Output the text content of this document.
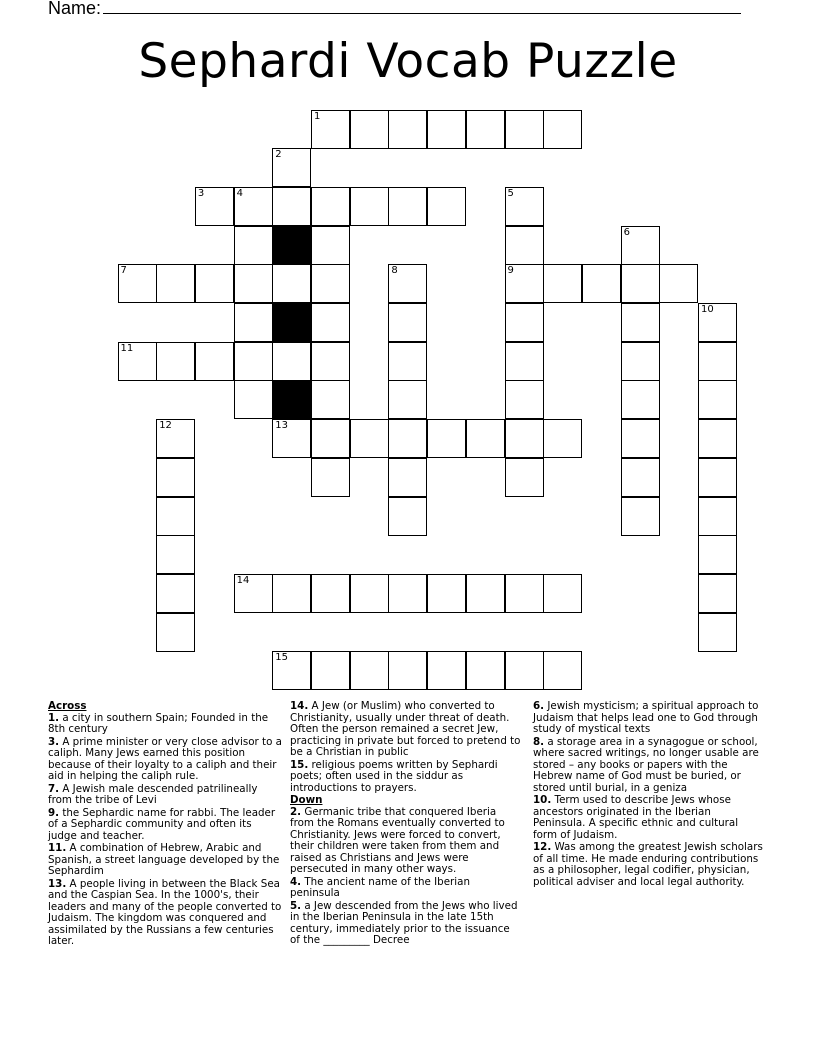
Name:
Sephardi Vocab Puzzle
1
2
3	4	5
6
7	8	9
10
11
12	13
14
15
Across
1. a city in southern Spain; Founded in the 8th century
3. A prime minister or very close advisor to a caliph. Many Jews earned this position because of their loyalty to a caliph and their aid in helping the caliph rule.
7. A Jewish male descended patrilineally from the tribe of Levi
9. the Sephardic name for rabbi. The leader of a Sephardic community and often its judge and teacher.
11. A combination of Hebrew, Arabic and Spanish, a street language developed by the Sephardim
13. A people living in between the Black Sea and the Caspian Sea. In the 1000's, their leaders and many of the people converted to Judaism. The kingdom was conquered and assimilated by the Russians a few centuries later.
14. A Jew (or Muslim) who converted to Christianity, usually under threat of death. Often the person remained a secret Jew, practicing in private but forced to pretend to be a Christian in public
15. religious poems written by Sephardi poets; often used in the siddur as introductions to prayers.
Down
2. Germanic tribe that conquered Iberia from the Romans eventually converted to Christianity. Jews were forced to convert, their children were taken from them and raised as Christians and Jews were persecuted in many other ways.
4. The ancient name of the Iberian peninsula
5. a Jew descended from the Jews who lived in the Iberian Peninsula in the late 15th century, immediately prior to the issuance of the _________ Decree
6. Jewish mysticism; a spiritual approach to Judaism that helps lead one to God through study of mystical texts
8. a storage area in a synagogue or school, where sacred writings, no longer usable are stored – any books or papers with the Hebrew name of God must be buried, or stored until burial, in a geniza
10. Term used to describe Jews whose ancestors originated in the Iberian Peninsula. A specific ethnic and cultural form of Judaism.
12. Was among the greatest Jewish scholars of all time. He made enduring contributions as a philosopher, legal codifier, physician, political adviser and local legal authority.
